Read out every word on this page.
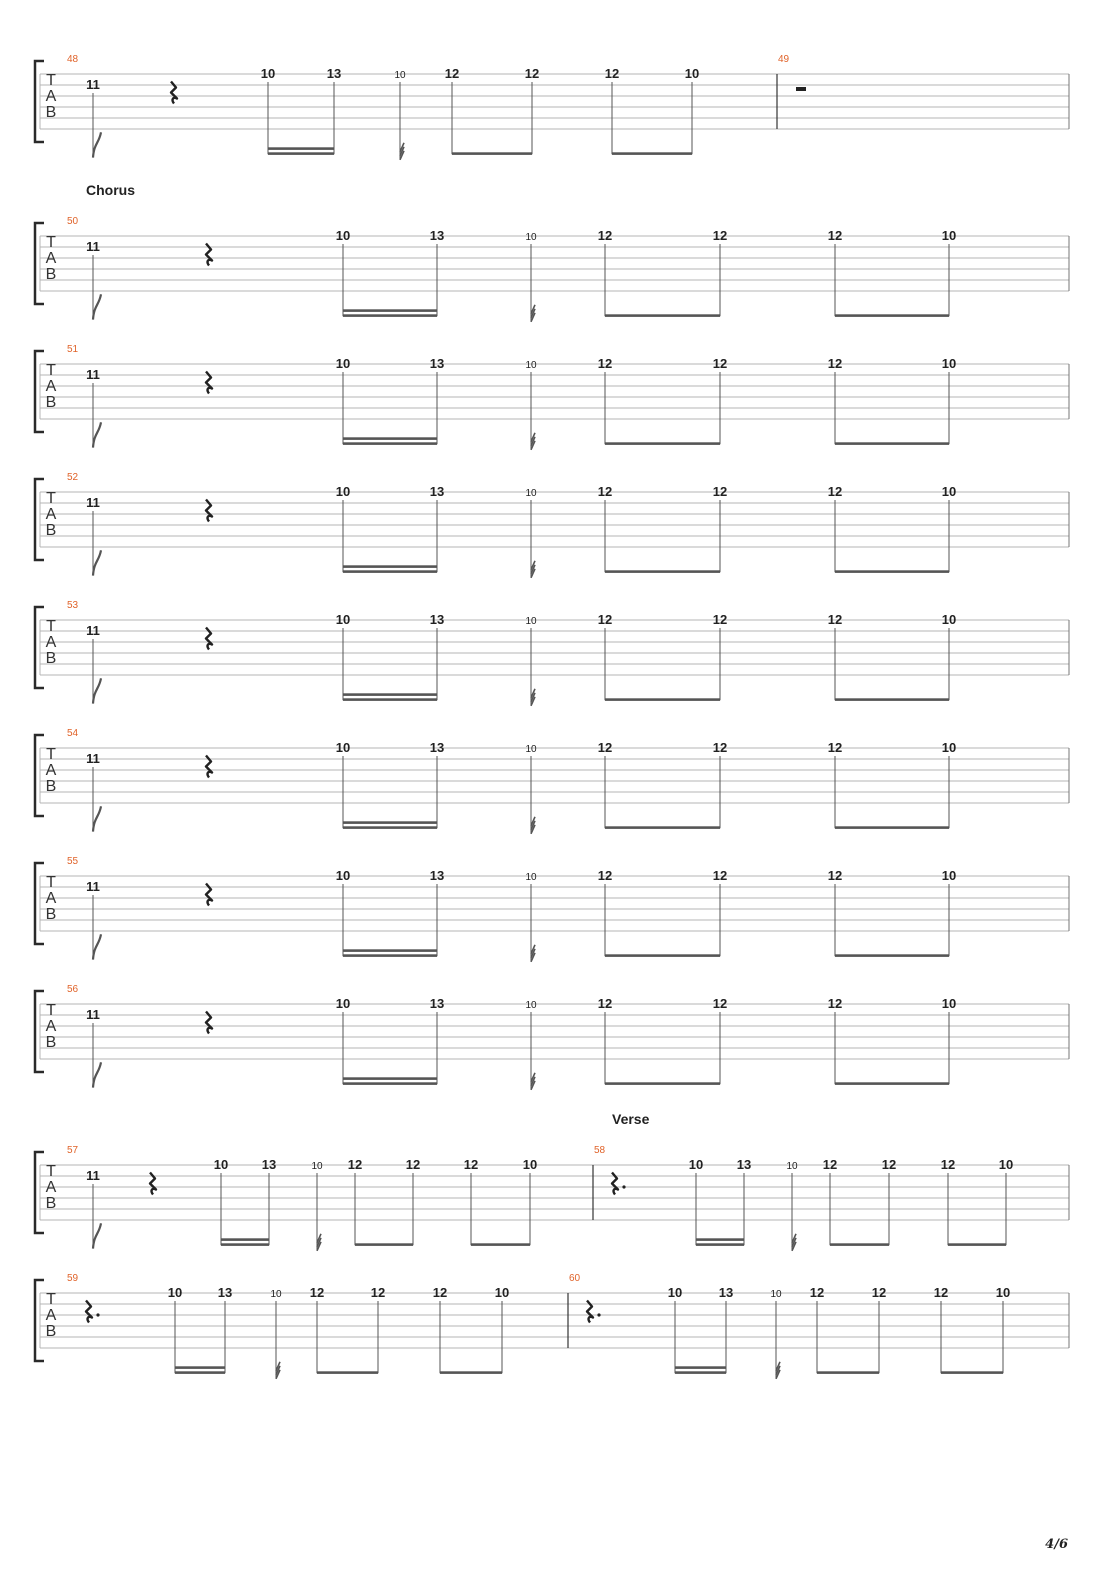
T
A
B
48
11
10	13	10	12	12	12	10
49
T
A
B
Chorus
50
11
10	13	10	12	12	12	10
T
A
B
51
11
10	13	10	12	12	12	10
T
A
B
52
11
10	13	10	12	12	12	10
T
A
B
53
11
10	13	10	12	12	12	10
T
A
B
54
11
10	13	10	12	12	12	10
T
A
B
55
11
10	13	10	12	12	12	10
T
A
B
56
11
10	13	10	12	12	12	10
T
A
B
Verse
57
11
10	13	10 12	12	12	10
58
10	13	10 12	12	12	10
T
A
B
59
10	13	10 12	12	12	10
60
10	13	10 12	12	12	10
4/6
